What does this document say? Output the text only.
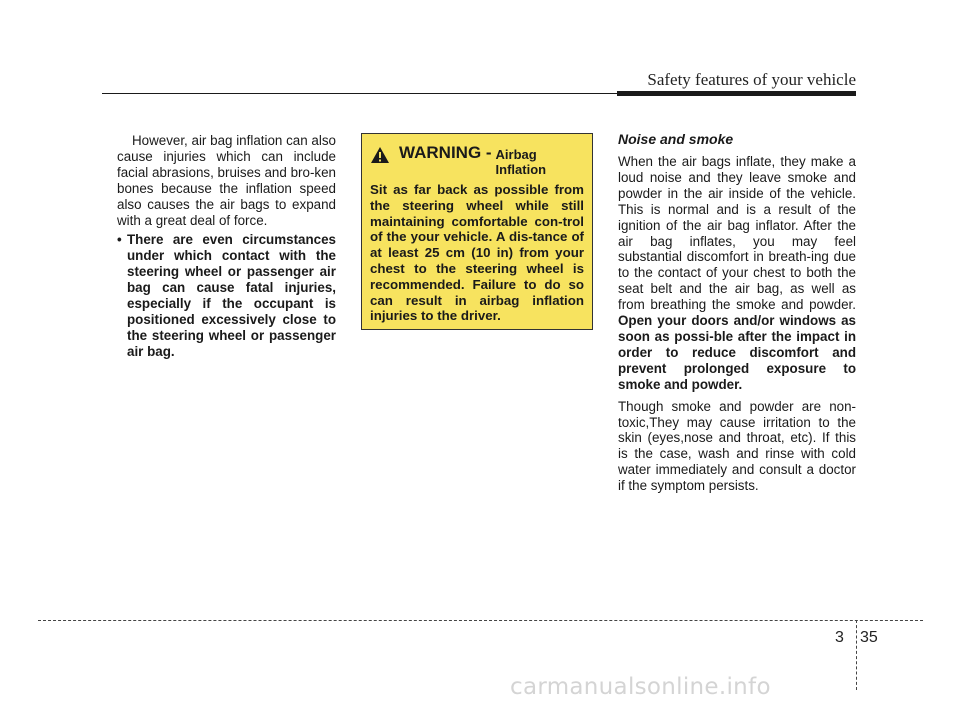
Safety features of your vehicle

However, air bag inflation can also cause injuries which can include facial abrasions, bruises and bro-ken bones because the inflation speed also causes the air bags to expand with a great deal of force.

• There are even circumstances under which contact with the steering wheel or passenger air bag can cause fatal injuries, especially if the occupant is positioned excessively close to the steering wheel or passenger air bag.

WARNING - Airbag Inflation

Sit as far back as possible from the steering wheel while still maintaining comfortable con-trol of the your vehicle. A dis-tance of at least 25 cm (10 in) from your chest to the steering wheel is recommended. Failure to do so can result in airbag inflation injuries to the driver.

Noise and smoke

When the air bags inflate, they make a loud noise and they leave smoke and powder in the air inside of the vehicle. This is normal and is a result of the ignition of the air bag inflator. After the air bag inflates, you may feel substantial discomfort in breath-ing due to the contact of your chest to both the seat belt and the air bag, as well as from breathing the smoke and powder. Open your doors and/or windows as soon as possi-ble after the impact in order to reduce discomfort and prevent prolonged exposure to smoke and powder.

Though smoke and powder are non-toxic,They may cause irritation to the skin (eyes,nose and throat, etc). If this is the case, wash and rinse with cold water immediately and consult a doctor if the symptom persists.

3 35
carmanualsonline.info
